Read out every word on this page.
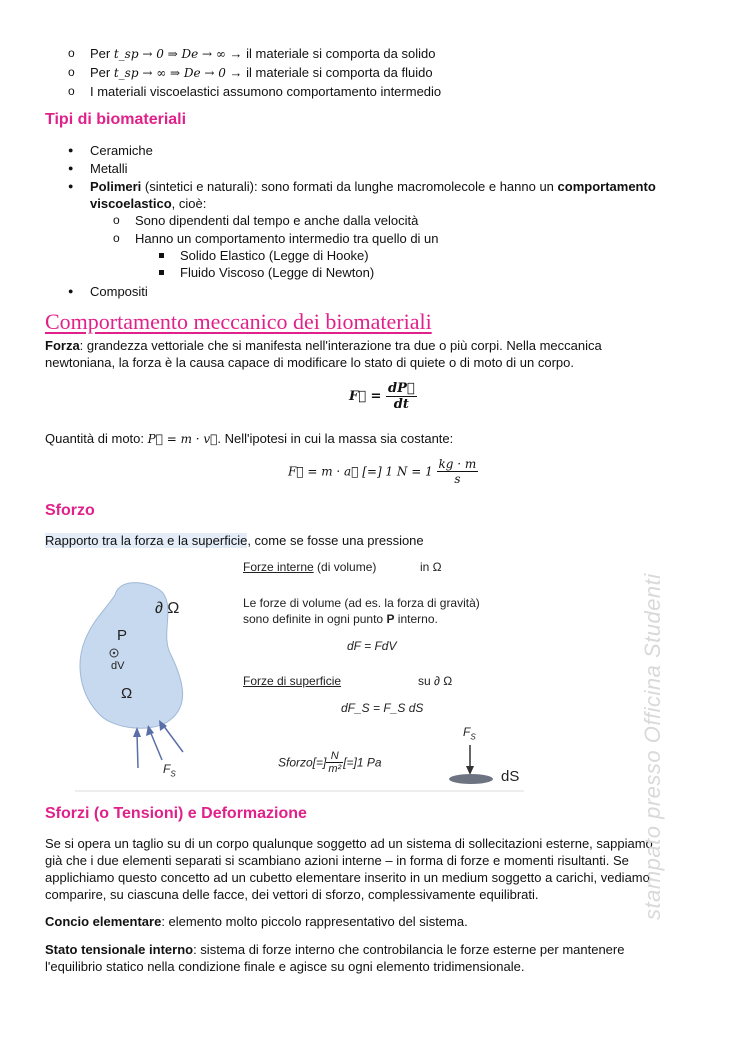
o Per t_sp → 0 ⇒ De → ∞ → il materiale si comporta da solido
o Per t_sp → ∞ ⇒ De → 0 → il materiale si comporta da fluido
o I materiali viscoelastici assumono comportamento intermedio
Tipi di biomateriali
● Ceramiche
● Metalli
● Polimeri (sintetici e naturali): sono formati da lunghe macromolecole e hanno un comportamento
viscoelastico, cioè:
o Sono dipendenti dal tempo e anche dalla velocità
o Hanno un comportamento intermedio tra quello di un
Solido Elastico (Legge di Hooke)
Fluido Viscoso (Legge di Newton)
● Compositi
Comportamento meccanico dei biomateriali
Forza: grandezza vettoriale che si manifesta nell'interazione tra due o più corpi. Nella meccanica
newtoniana, la forza è la causa capace di modificare lo stato di quiete o di moto di un corpo.
F⃗ = $\frac{dP⃗}{dt}$
Quantità di moto: P⃗ = m · v⃗. Nell'ipotesi in cui la massa sia costante:
F⃗ = m · a⃗ [=] 1 $N = 1 \frac{kg \cdot m}{s}$
Sforzo
Rapporto tra la forza e la superficie, come se fosse una pressione
∂ Ω
P
dV
Ω
$F_S$
Forze interne (di volume)	in Ω
Le forze di volume (ad es. la forza di gravità)
sono definite in ogni punto P interno.
dF = FdV
Forze di superficie	su ∂ Ω
dF_S = F_S dS
Sforzo[=] $\frac{N}{\text{m²}} [=]1$ Pa
$F_S$
dS
Sforzi (o Tensioni) e Deformazione
Se si opera un taglio su di un corpo qualunque soggetto ad un sistema di sollecitazioni esterne, sappiamo
già che i due elementi separati si scambiano azioni interne – in forma di forze e momenti risultanti. Se
applichiamo questo concetto ad un cubetto elementare inserito in un medium soggetto a carichi, vediamo
comparire, su ciascuna delle facce, dei vettori di sforzo, complessivamente equilibrati.
Concio elementare: elemento molto piccolo rappresentativo del sistema.
Stato tensionale interno: sistema di forze interno che controbilancia le forze esterne per mantenere
l'equilibrio statico nella condizione finale e agisce su ogni elemento tridimensionale.
stampato presso Officina Studenti
